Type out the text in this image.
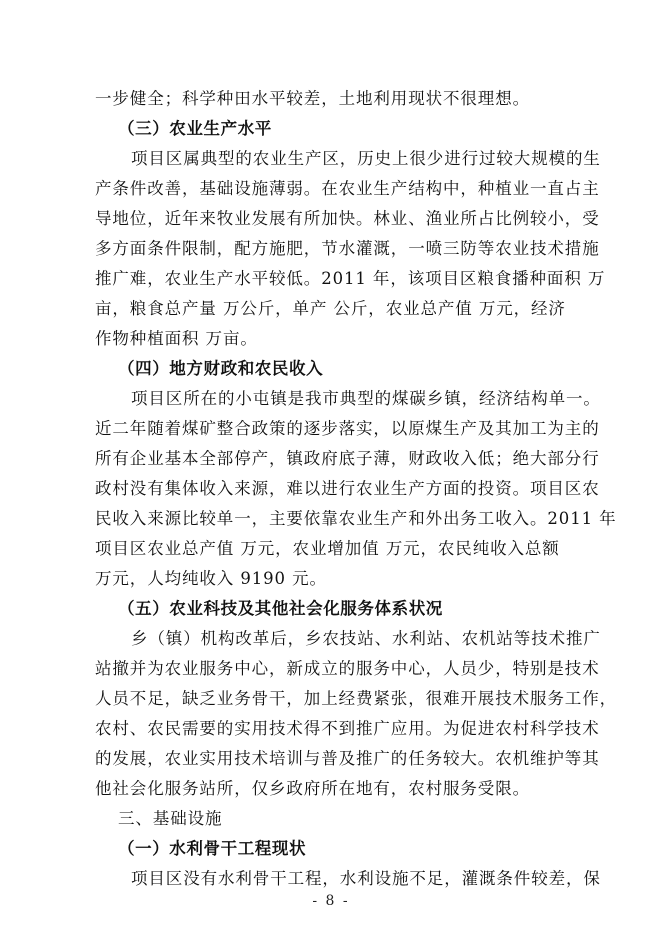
一步健全；科学种田水平较差，土地利用现状不很理想。
（三）农业生产水平
项目区属典型的农业生产区，历史上很少进行过较大规模的生
产条件改善，基础设施薄弱。在农业生产结构中，种植业一直占主
导地位，近年来牧业发展有所加快。林业、渔业所占比例较小，受
多方面条件限制，配方施肥，节水灌溉，一喷三防等农业技术措施
推广难，农业生产水平较低。2011 年，该项目区粮食播种面积 万
亩，粮食总产量 万公斤，单产 公斤，农业总产值 万元，经济
作物种植面积 万亩。
（四）地方财政和农民收入
项目区所在的小屯镇是我市典型的煤碳乡镇，经济结构单一。
近二年随着煤矿整合政策的逐步落实，以原煤生产及其加工为主的
所有企业基本全部停产，镇政府底子薄，财政收入低；绝大部分行
政村没有集体收入来源，难以进行农业生产方面的投资。项目区农
民收入来源比较单一，主要依靠农业生产和外出务工收入。2011 年
项目区农业总产值 万元，农业增加值 万元，农民纯收入总额
万元，人均纯收入 9190 元。
（五）农业科技及其他社会化服务体系状况
乡（镇）机构改革后，乡农技站、水利站、农机站等技术推广
站撤并为农业服务中心，新成立的服务中心，人员少，特别是技术
人员不足，缺乏业务骨干，加上经费紧张，很难开展技术服务工作，
农村、农民需要的实用技术得不到推广应用。为促进农村科学技术
的发展，农业实用技术培训与普及推广的任务较大。农机维护等其
他社会化服务站所，仅乡政府所在地有，农村服务受限。
三、基础设施
（一）水利骨干工程现状
项目区没有水利骨干工程，水利设施不足，灌溉条件较差，保
- 8 -
